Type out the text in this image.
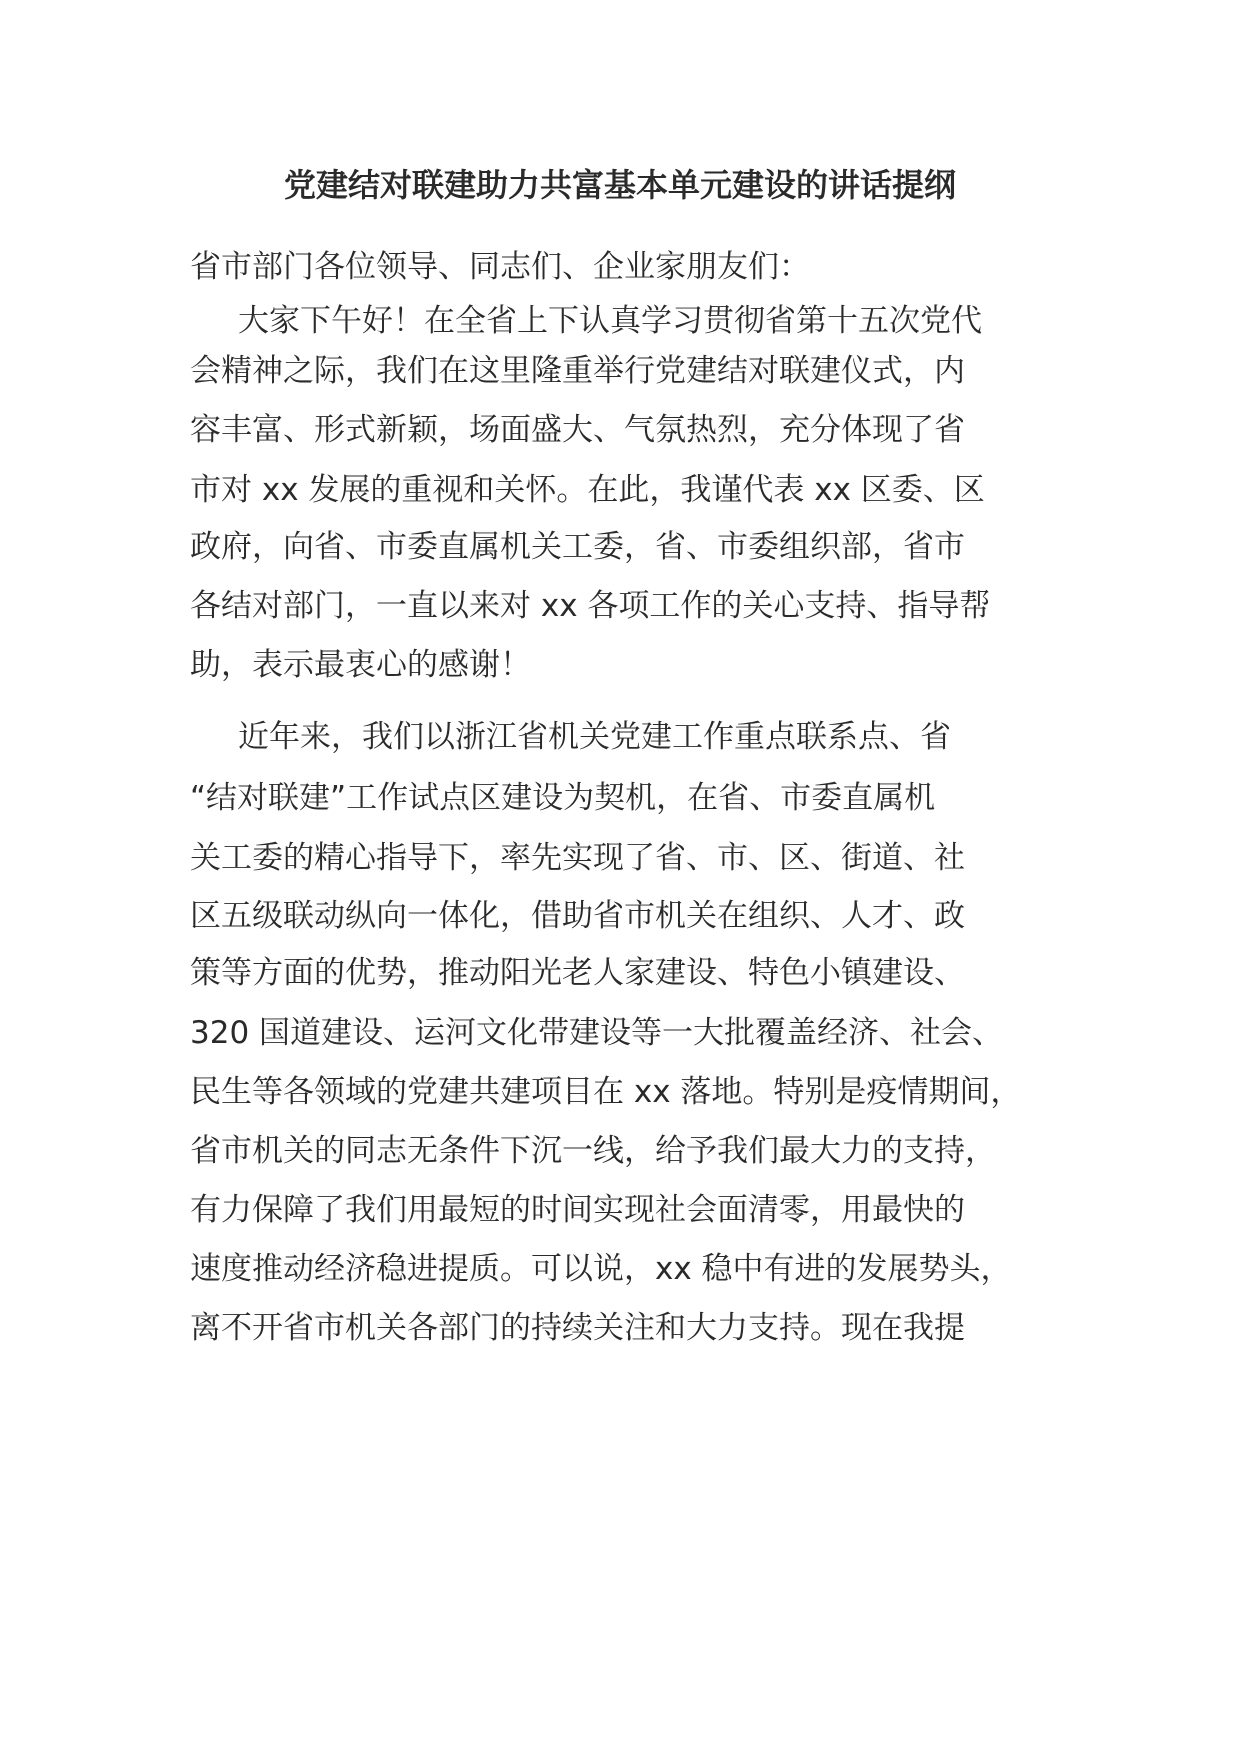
党建结对联建助力共富基本单元建设的讲话提纲
省市部门各位领导、同志们、企业家朋友们：
大家下午好！在全省上下认真学习贯彻省第十五次党代
会精神之际，我们在这里隆重举行党建结对联建仪式，内
容丰富、形式新颖，场面盛大、气氛热烈，充分体现了省
市对 xx 发展的重视和关怀。在此，我谨代表 xx 区委、区
政府，向省、市委直属机关工委，省、市委组织部，省市
各结对部门，一直以来对 xx 各项工作的关心支持、指导帮
助，表示最衷心的感谢！
近年来，我们以浙江省机关党建工作重点联系点、省
“结对联建”工作试点区建设为契机，在省、市委直属机
关工委的精心指导下，率先实现了省、市、区、街道、社
区五级联动纵向一体化，借助省市机关在组织、人才、政
策等方面的优势，推动阳光老人家建设、特色小镇建设、
320 国道建设、运河文化带建设等一大批覆盖经济、社会、
民生等各领域的党建共建项目在 xx 落地。特别是疫情期间，
省市机关的同志无条件下沉一线，给予我们最大力的支持，
有力保障了我们用最短的时间实现社会面清零，用最快的
速度推动经济稳进提质。可以说，xx 稳中有进的发展势头，
离不开省市机关各部门的持续关注和大力支持。现在我提
